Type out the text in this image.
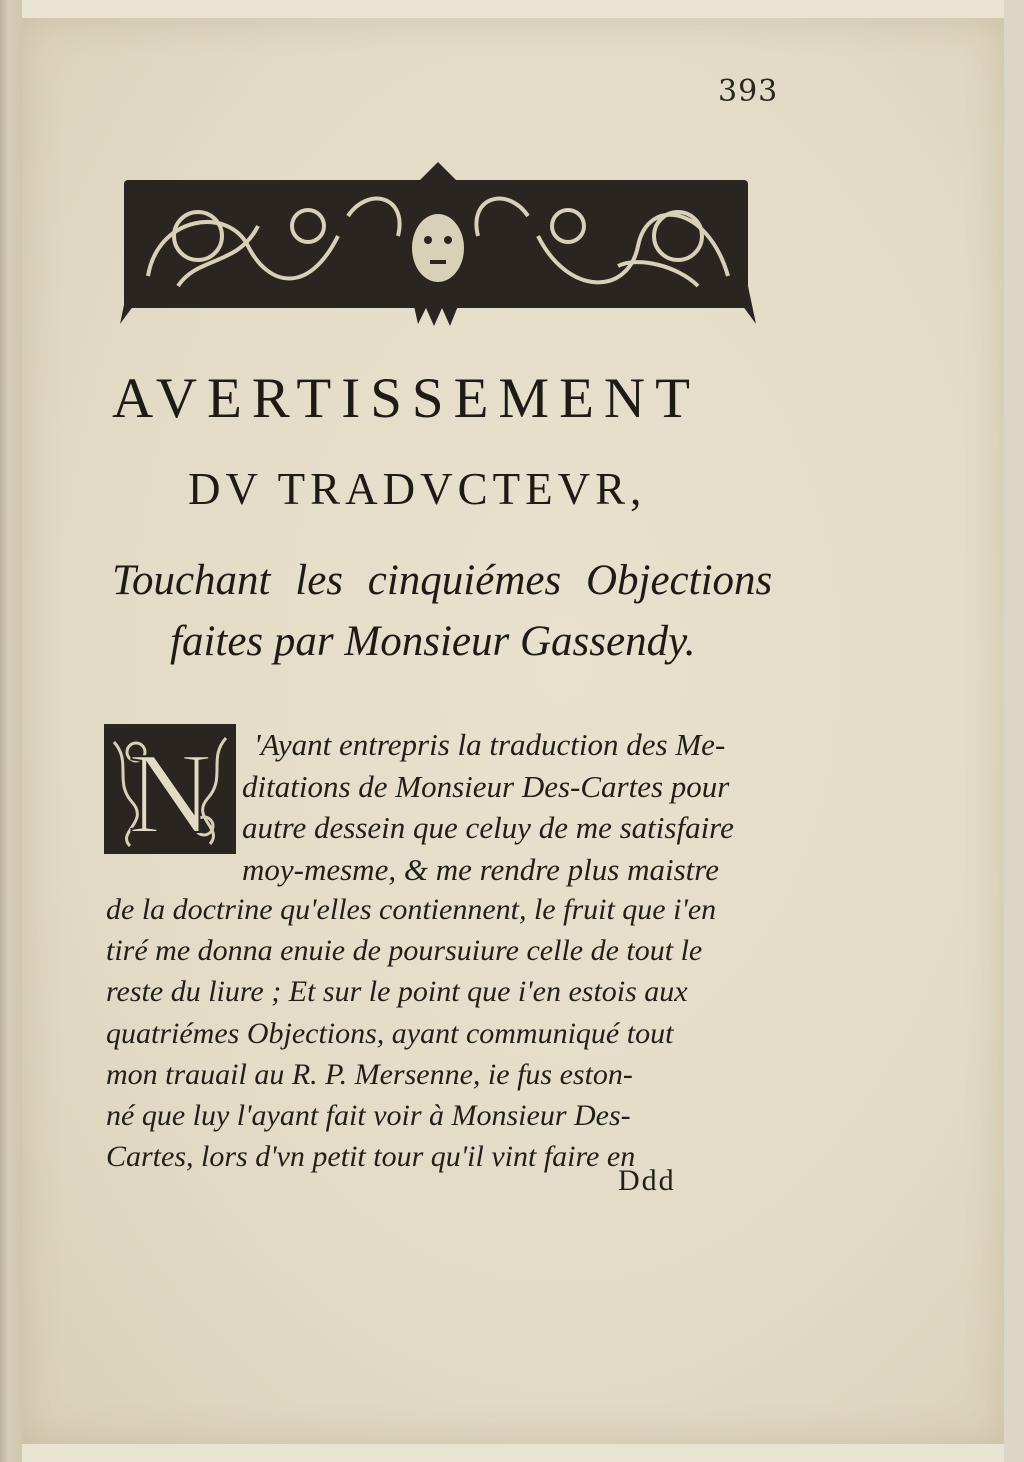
393
AVERTISSEMENT
DV TRADVCTEVR,
Touchant les cinquiémes Objections
faites par Monsieur Gassendy.
N 'Ayant entrepris la traduction des Me-
ditations de Monsieur Des-Cartes pour
autre dessein que celuy de me satisfaire
moy-mesme, & me rendre plus maistre
de la doctrine qu'elles contiennent, le fruit que i'en
tiré me donna enuie de poursuiure celle de tout le
reste du liure ; Et sur le point que i'en estois aux
quatriémes Objections, ayant communiqué tout
mon trauail au R. P. Mersenne, ie fus eston-
né que luy l'ayant fait voir à Monsieur Des-
Cartes, lors d'vn petit tour qu'il vint faire en
Ddd
